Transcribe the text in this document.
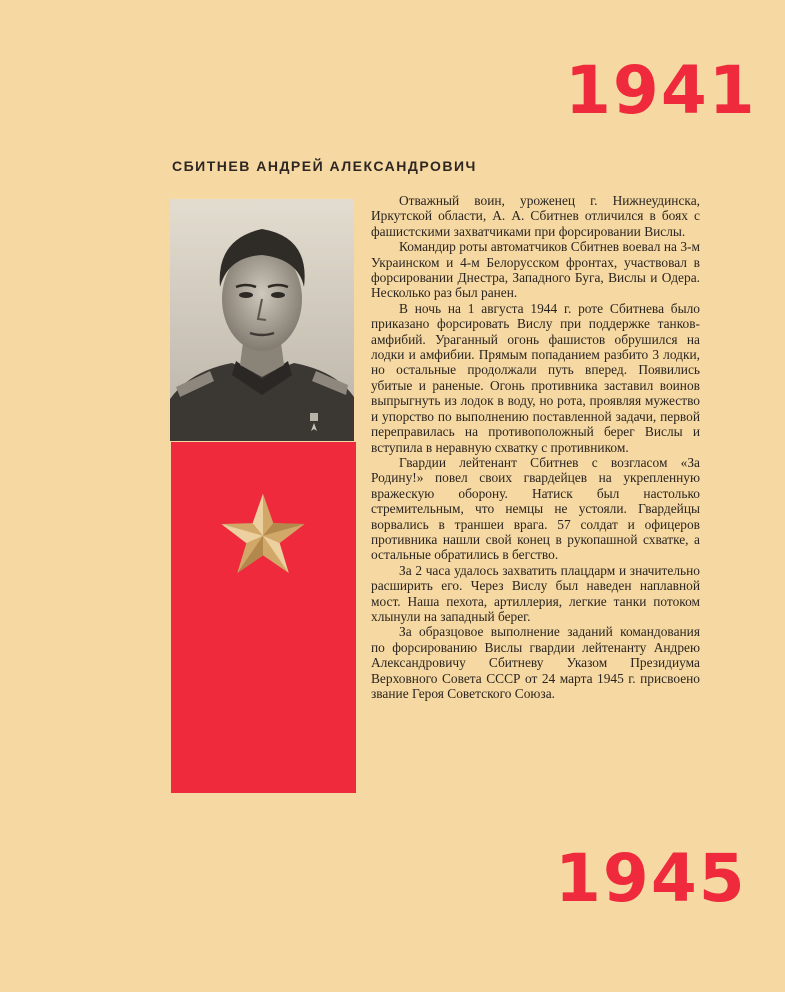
1941
СБИТНЕВ АНДРЕЙ АЛЕКСАНДРОВИЧ

Отважный воин, уроженец г. Нижнеудинска, Иркутской области, А. А. Сбитнев отличился в боях с фашистскими захватчиками при форсировании Вислы.

Командир роты автоматчиков Сбитнев воевал на 3-м Украинском и 4-м Белорусском фронтах, участвовал в форсировании Днестра, Западного Буга, Вислы и Одера. Несколько раз был ранен.

В ночь на 1 августа 1944 г. роте Сбитнева было приказано форсировать Вислу при поддержке танков-амфибий. Ураганный огонь фашистов обрушился на лодки и амфибии. Прямым попаданием разбито 3 лодки, но остальные продолжали путь вперед. Появились убитые и раненые. Огонь противника заставил воинов выпрыгнуть из лодок в воду, но рота, проявляя мужество и упорство по выполнению поставленной задачи, первой переправилась на противоположный берег Вислы и вступила в неравную схватку с противником.

Гвардии лейтенант Сбитнев с возгласом «За Родину!» повел своих гвардейцев на укрепленную вражескую оборону. Натиск был настолько стремительным, что немцы не устояли. Гвардейцы ворвались в траншеи врага. 57 солдат и офицеров противника нашли свой конец в рукопашной схватке, а остальные обратились в бегство.

За 2 часа удалось захватить плацдарм и значительно расширить его. Через Вислу был наведен наплавной мост. Наша пехота, артиллерия, легкие танки потоком хлынули на западный берег.

За образцовое выполнение заданий командования по форсированию Вислы гвардии лейтенанту Андрею Александровичу Сбитневу Указом Президиума Верховного Совета СССР от 24 марта 1945 г. присвоено звание Героя Советского Союза.

1945
